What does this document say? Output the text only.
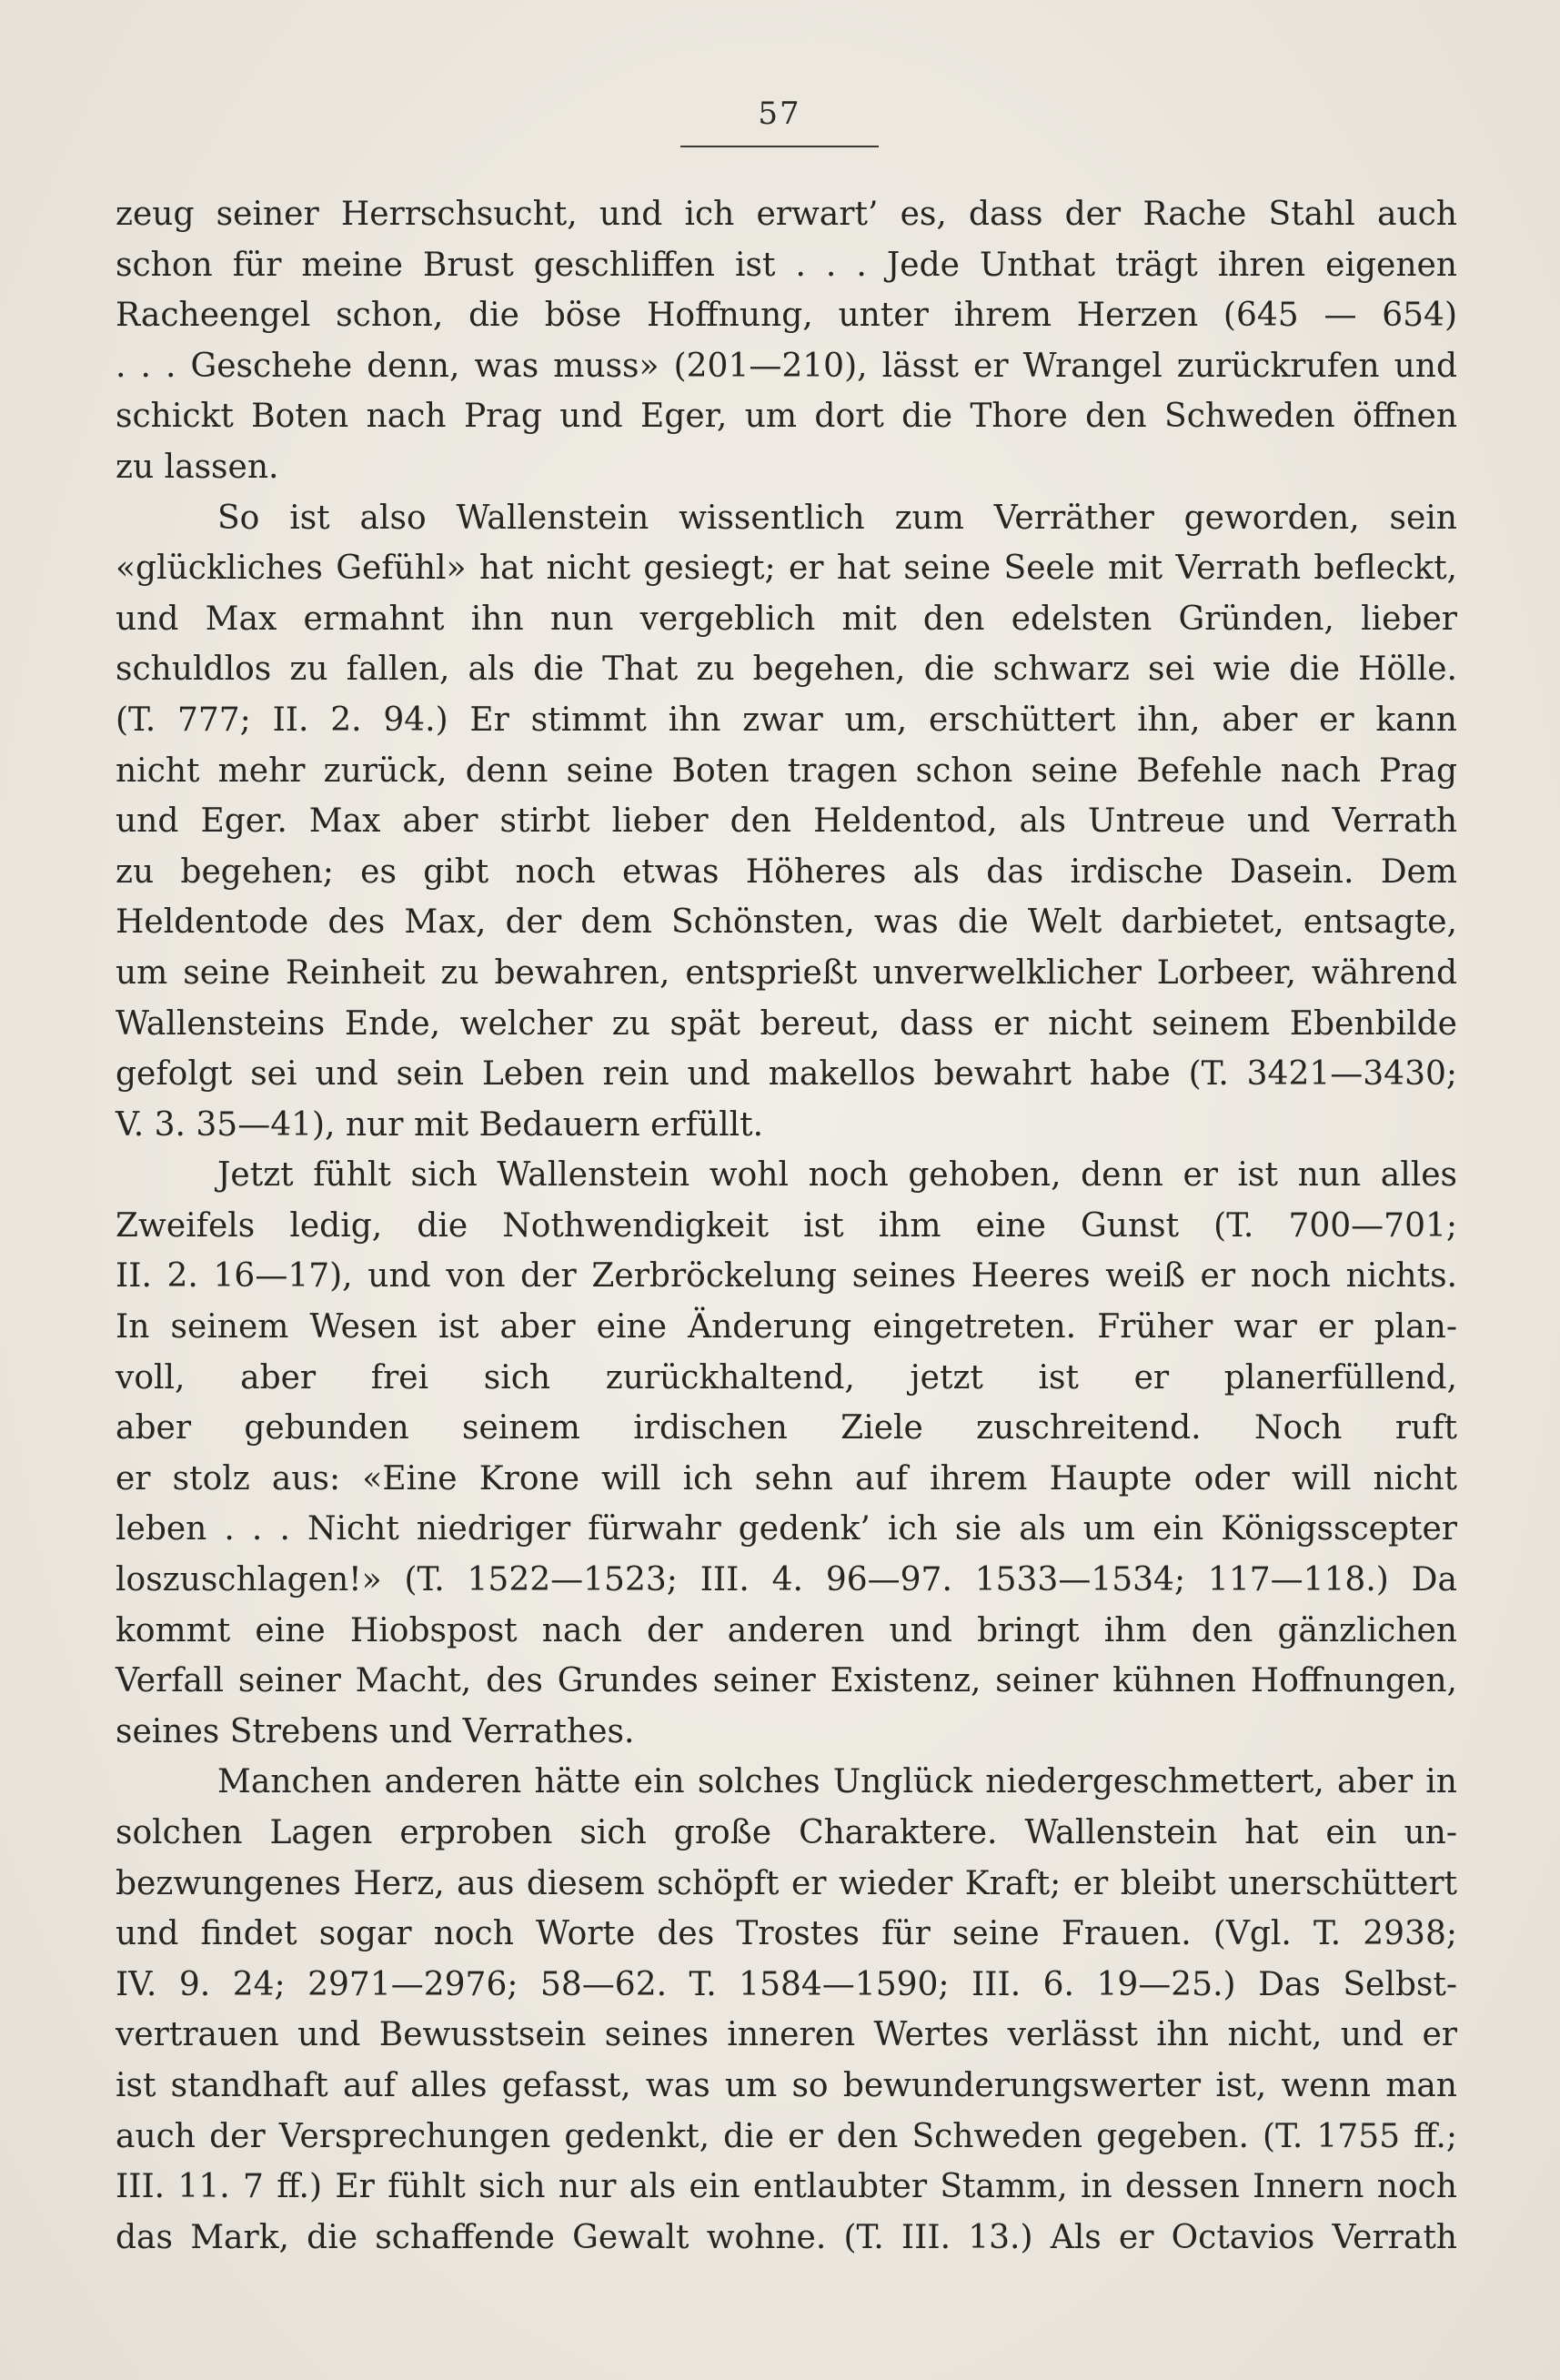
57
zeug seiner Herrschsucht, und ich erwart’ es, dass der Rache Stahl auch
schon für meine Brust geschliffen ist . . . Jede Unthat trägt ihren eigenen
Racheengel schon, die böse Hoffnung, unter ihrem Herzen (645 — 654)
. . . Geschehe denn, was muss» (201—210), lässt er Wrangel zurückrufen und
schickt Boten nach Prag und Eger, um dort die Thore den Schweden öffnen
zu lassen.
So ist also Wallenstein wissentlich zum Verräther geworden, sein
«glückliches Gefühl» hat nicht gesiegt; er hat seine Seele mit Verrath befleckt,
und Max ermahnt ihn nun vergeblich mit den edelsten Gründen, lieber
schuldlos zu fallen, als die That zu begehen, die schwarz sei wie die Hölle.
(T. 777; II. 2. 94.) Er stimmt ihn zwar um, erschüttert ihn, aber er kann
nicht mehr zurück, denn seine Boten tragen schon seine Befehle nach Prag
und Eger. Max aber stirbt lieber den Heldentod, als Untreue und Verrath
zu begehen; es gibt noch etwas Höheres als das irdische Dasein. Dem
Heldentode des Max, der dem Schönsten, was die Welt darbietet, entsagte,
um seine Reinheit zu bewahren, entsprießt unverwelklicher Lorbeer, während
Wallensteins Ende, welcher zu spät bereut, dass er nicht seinem Ebenbilde
gefolgt sei und sein Leben rein und makellos bewahrt habe (T. 3421—3430;
V. 3. 35—41), nur mit Bedauern erfüllt.
Jetzt fühlt sich Wallenstein wohl noch gehoben, denn er ist nun alles
Zweifels ledig, die Nothwendigkeit ist ihm eine Gunst (T. 700—701;
II. 2. 16—17), und von der Zerbröckelung seines Heeres weiß er noch nichts.
In seinem Wesen ist aber eine Änderung eingetreten. Früher war er plan-
voll, aber frei sich zurückhaltend, jetzt ist er planerfüllend,
aber gebunden seinem irdischen Ziele zuschreitend. Noch ruft
er stolz aus: «Eine Krone will ich sehn auf ihrem Haupte oder will nicht
leben . . . Nicht niedriger fürwahr gedenk’ ich sie als um ein Königsscepter
loszuschlagen!» (T. 1522—1523; III. 4. 96—97. 1533—1534; 117—118.) Da
kommt eine Hiobspost nach der anderen und bringt ihm den gänzlichen
Verfall seiner Macht, des Grundes seiner Existenz, seiner kühnen Hoffnungen,
seines Strebens und Verrathes.
Manchen anderen hätte ein solches Unglück niedergeschmettert, aber in
solchen Lagen erproben sich große Charaktere. Wallenstein hat ein un-
bezwungenes Herz, aus diesem schöpft er wieder Kraft; er bleibt unerschüttert
und findet sogar noch Worte des Trostes für seine Frauen. (Vgl. T. 2938;
IV. 9. 24; 2971—2976; 58—62. T. 1584—1590; III. 6. 19—25.) Das Selbst-
vertrauen und Bewusstsein seines inneren Wertes verlässt ihn nicht, und er
ist standhaft auf alles gefasst, was um so bewunderungswerter ist, wenn man
auch der Versprechungen gedenkt, die er den Schweden gegeben. (T. 1755 ff.;
III. 11. 7 ff.) Er fühlt sich nur als ein entlaubter Stamm, in dessen Innern noch
das Mark, die schaffende Gewalt wohne. (T. III. 13.) Als er Octavios Verrath
